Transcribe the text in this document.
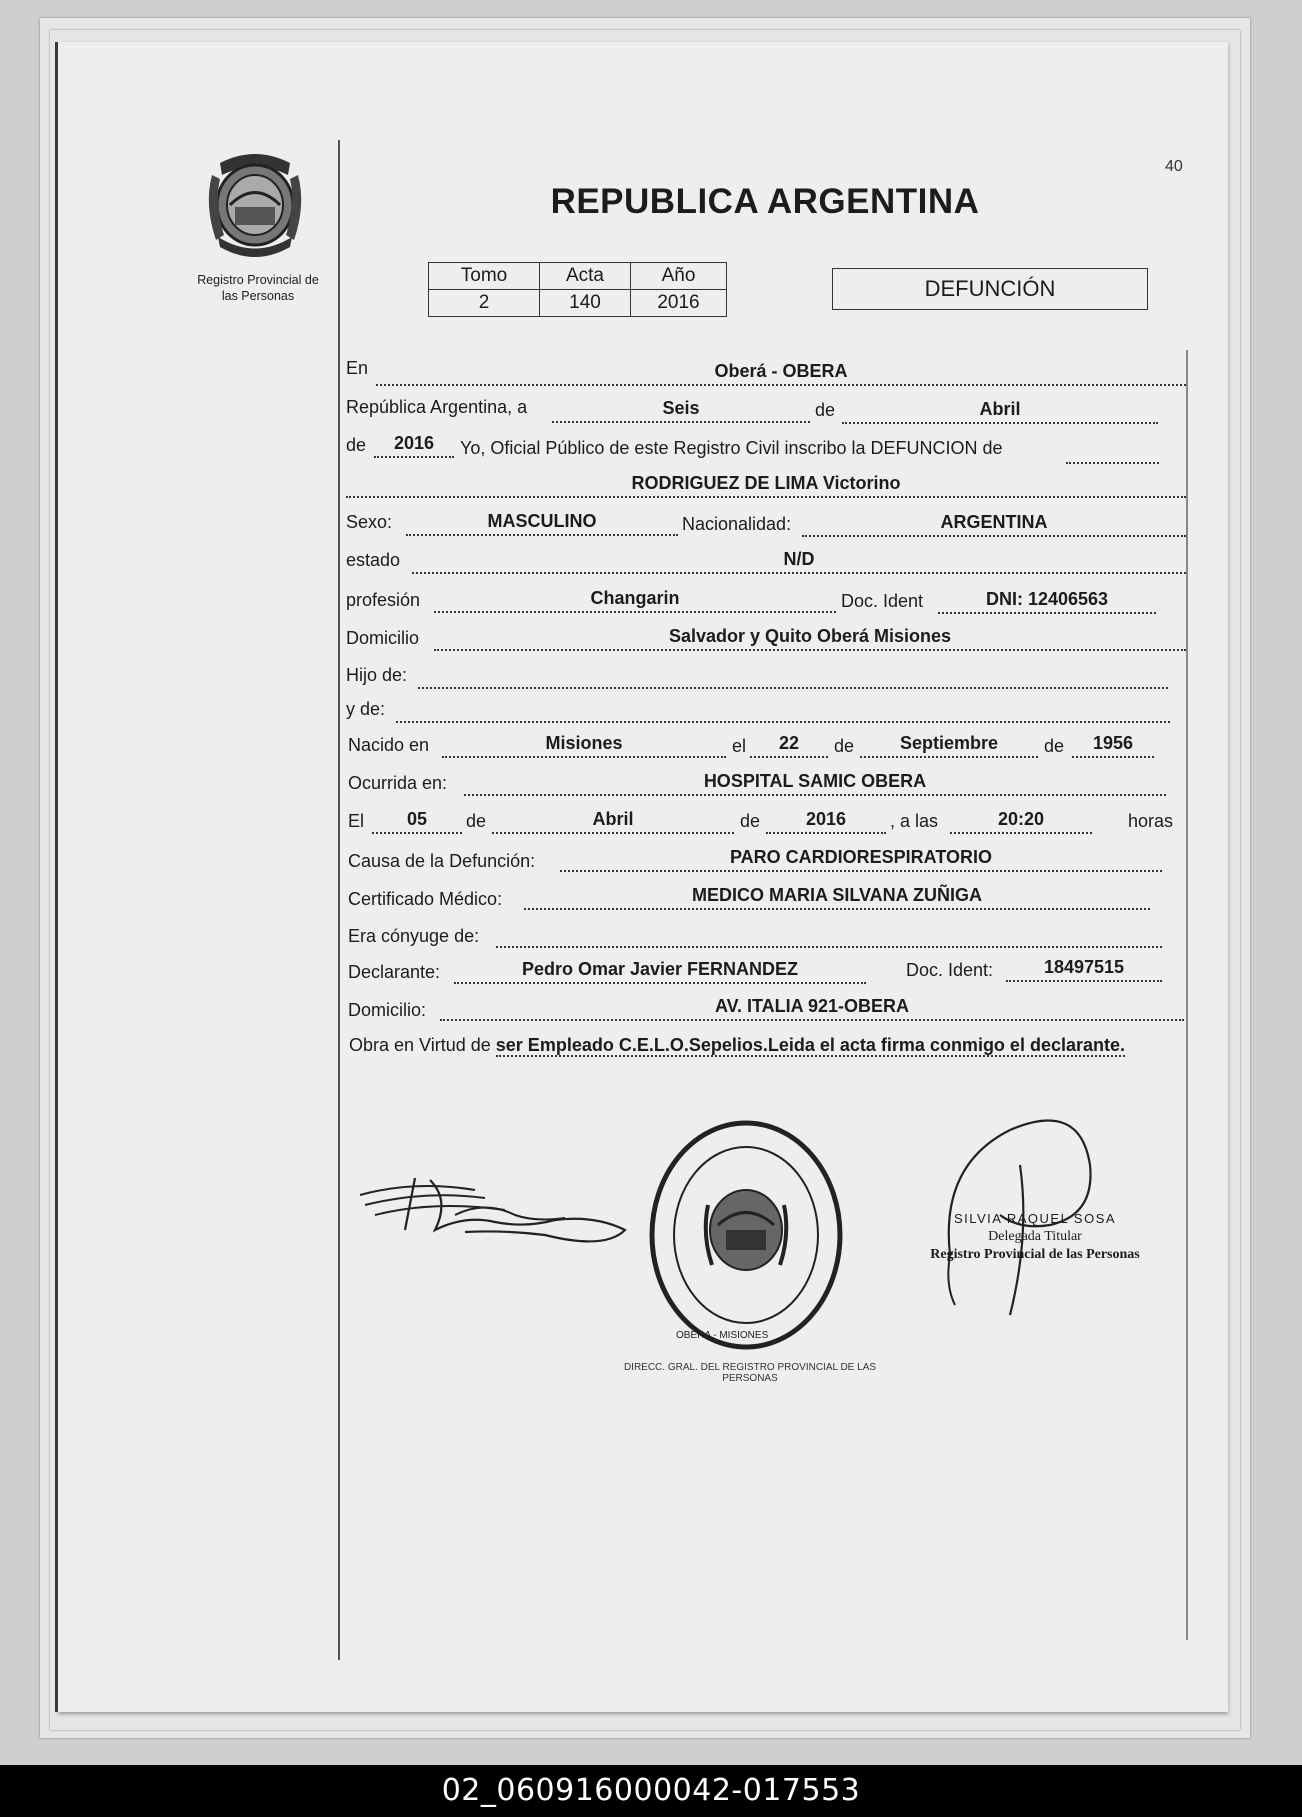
Registro Provincial de
las Personas
40
REPUBLICA ARGENTINA
Tomo	Acta	Año
2	140	2016
DEFUNCIÓN
En	Oberá - OBERA
República Argentina, a	Seis	de	Abril
de	2016	Yo, Oficial Público de este Registro Civil inscribo la DEFUNCION de
RODRIGUEZ DE LIMA Victorino
Sexo:	MASCULINO	Nacionalidad:	ARGENTINA
estado	N/D
profesión	Changarin	Doc. Ident	DNI: 12406563
Domicilio	Salvador y Quito Oberá Misiones
Hijo de:
y de:
Nacido en	Misiones	el	22	de	Septiembre	de	1956
Ocurrida en:	HOSPITAL SAMIC OBERA
El	05	de	Abril	de	2016	, a las	20:20	horas
Causa de la Defunción:	PARO CARDIORESPIRATORIO
Certificado Médico:	MEDICO MARIA SILVANA ZUÑIGA
Era cónyuge de:
Declarante:	Pedro Omar Javier FERNANDEZ	Doc. Ident:	18497515
Domicilio:	AV. ITALIA 921-OBERA
Obra en Virtud de ser Empleado C.E.L.O.Sepelios.Leida el acta firma conmigo el declarante.
OBERA - MISIONES
DIRECC. GRAL. DEL REGISTRO PROVINCIAL DE LAS PERSONAS
SILVIA RAQUEL SOSA
Delegada Titular
Registro Provincial de las Personas
02_060916000042-017553
